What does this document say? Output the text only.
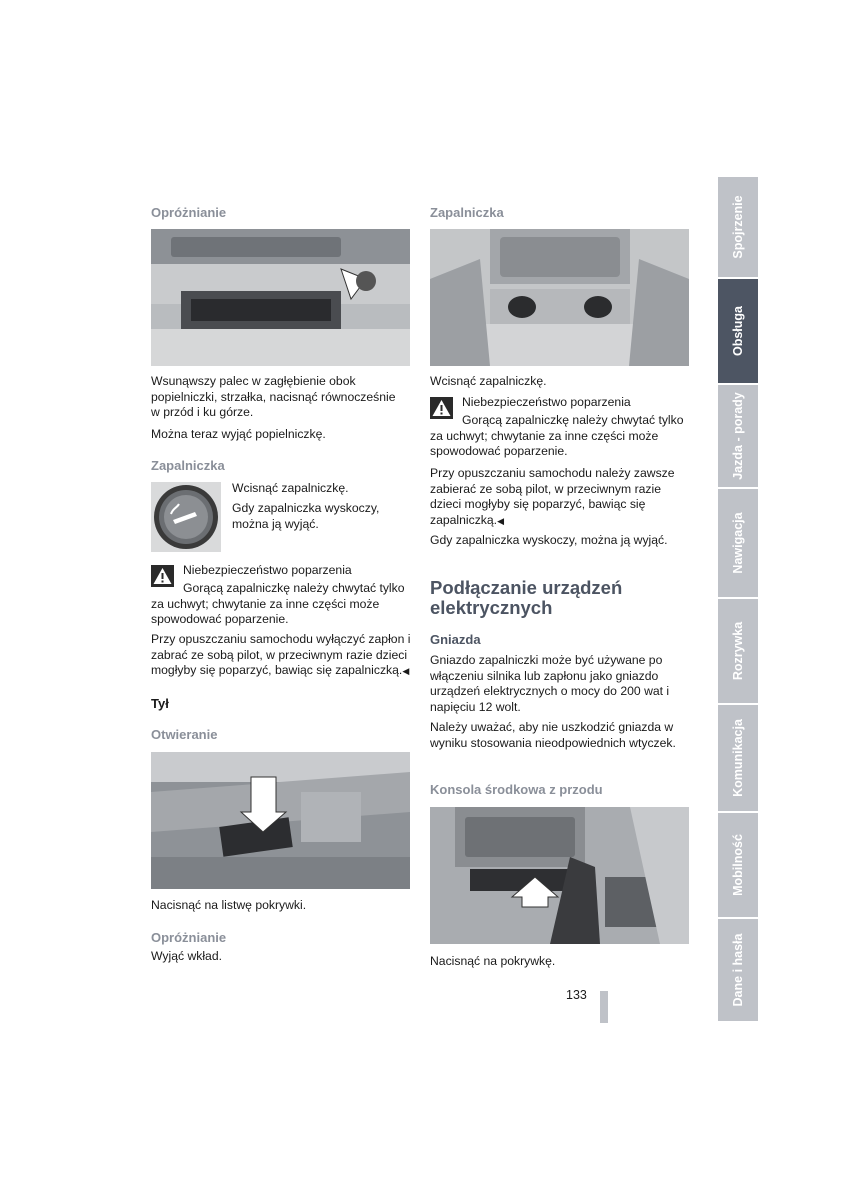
Opróżnianie

Wsunąwszy palec w zagłębienie obok popielniczki, strzałka, nacisnąć równocześnie w przód i ku górze.

Można teraz wyjąć popielniczkę.

Zapalniczka

Wcisnąć zapalniczkę.

Gdy zapalniczka wyskoczy, można ją wyjąć.

Niebezpieczeństwo poparzenia

Gorącą zapalniczkę należy chwytać tylko za uchwyt; chwytanie za inne części może spowodować poparzenie.

Przy opuszczaniu samochodu wyłączyć zapłon i zabrać ze sobą pilot, w przeciwnym razie dzieci mogłyby się poparzyć, bawiąc się zapalniczką.◀

Tył
Otwieranie

Nacisnąć na listwę pokrywki.

Opróżnianie

Wyjąć wkład.

Zapalniczka

Wcisnąć zapalniczkę.

Niebezpieczeństwo poparzenia

Gorącą zapalniczkę należy chwytać tylko za uchwyt; chwytanie za inne części może spowodować poparzenie.

Przy opuszczaniu samochodu należy zawsze zabierać ze sobą pilot, w przeciwnym razie dzieci mogłyby się poparzyć, bawiąc się zapalniczką.◀

Gdy zapalniczka wyskoczy, można ją wyjąć.

Podłączanie urządzeń elektrycznych
Gniazda

Gniazdo zapalniczki może być używane po włączeniu silnika lub zapłonu jako gniazdo urządzeń elektrycznych o mocy do 200 wat i napięciu 12 wolt.

Należy uważać, aby nie uszkodzić gniazda w wyniku stosowania nieodpowiednich wtyczek.

Konsola środkowa z przodu

Nacisnąć na pokrywkę.

133
Spojrzenie
Obsługa
Jazda - porady
Nawigacja
Rozrywka
Komunikacja
Mobilność
Dane i hasła
